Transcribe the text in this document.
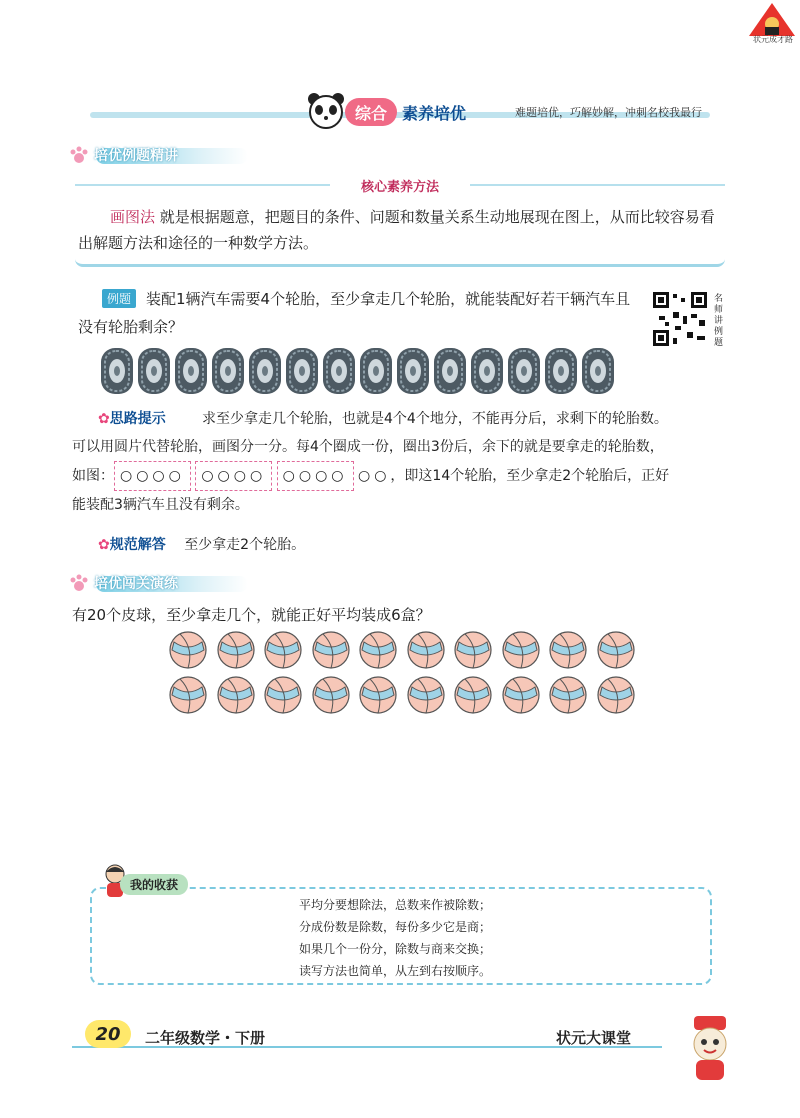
状元成才路
综合 素养培优	难题培优，巧解妙解，冲刺名校我最行
培优例题精讲
核心素养方法
画图法 就是根据题意，把题目的条件、问题和数量关系生动地展现在图上，从而比较容易看出解题方法和途径的一种数学方法。
装配1辆汽车需要4个轮胎，至少拿走几个轮胎，就能装配好若干辆汽车且没有轮胎剩余？
例题	名师讲例题
✿思路提示	求至少拿走几个轮胎，也就是4个4个地分，不能再分后，求剩下的轮胎数。
可以用圆片代替轮胎，画图分一分。每4个圈成一份，圈出3份后，余下的就是要拿走的轮胎数，
如图： ○○○○ ○○○○ ○○○○ ○○，即这14个轮胎，至少拿走2个轮胎后，正好
能装配3辆汽车且没有剩余。
✿规范解答 至少拿走2个轮胎。
培优闯关演练
有20个皮球，至少拿走几个，就能正好平均装成6盒？
我的收获
平均分要想除法，总数来作被除数；
分成份数是除数，每份多少它是商；
如果几个一份分，除数与商来交换；
读写方法也简单，从左到右按顺序。
20	二年级数学・下册	状元大课堂
